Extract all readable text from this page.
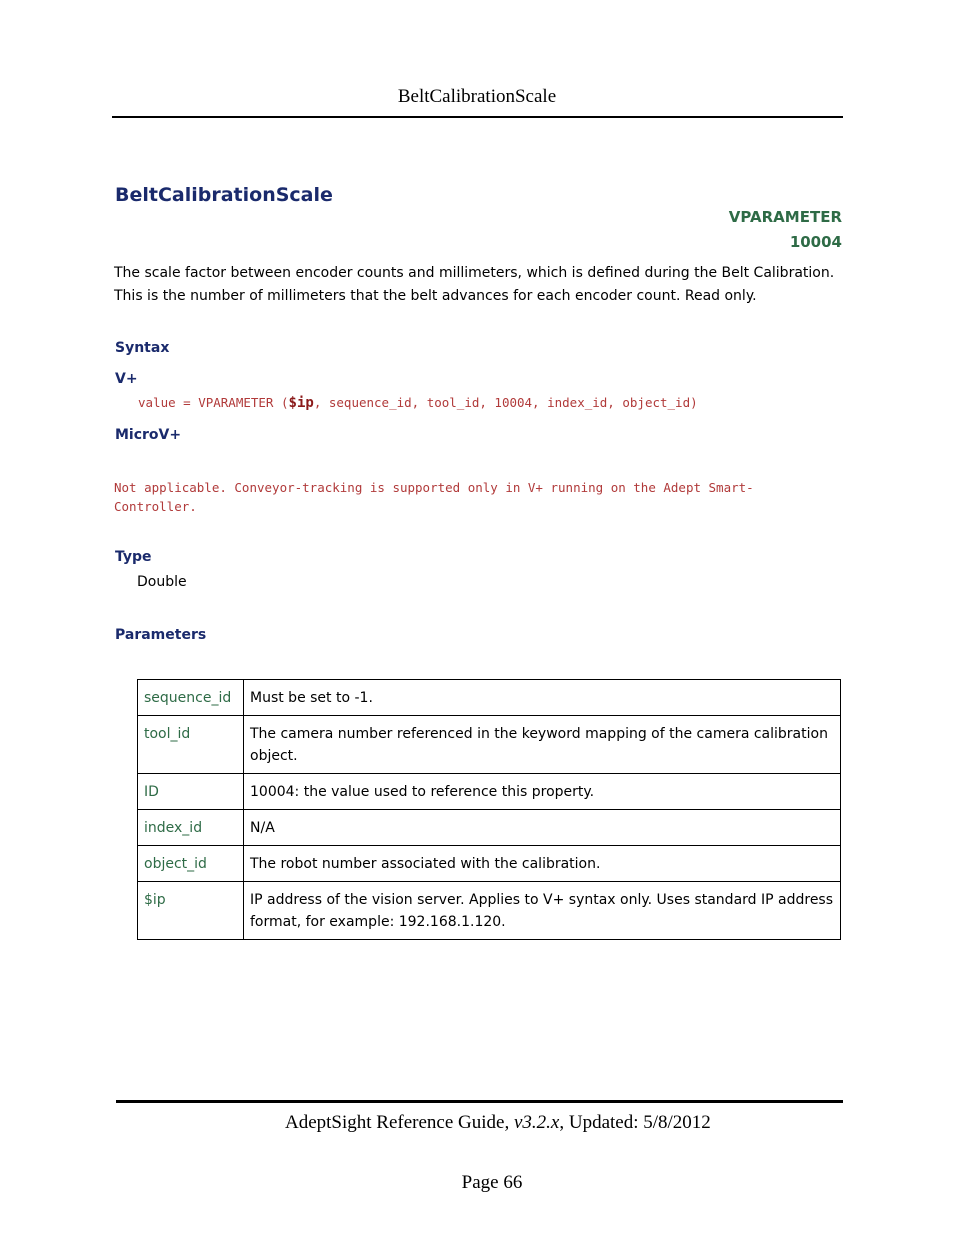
BeltCalibrationScale
BeltCalibrationScale
VPARAMETER
10004
The scale factor between encoder counts and millimeters, which is defined during the Belt Calibration. This is the number of millimeters that the belt advances for each encoder count. Read only.
Syntax
V+
value = VPARAMETER ($ip, sequence_id, tool_id, 10004, index_id, object_id)
MicroV+
Not applicable. Conveyor-tracking is supported only in V+ running on the Adept Smart-Controller.
Type
Double
Parameters
sequence_id	Must be set to -1.
tool_id	The camera number referenced in the keyword mapping of the camera calibration object.
ID	10004: the value used to reference this property.
index_id	N/A
object_id	The robot number associated with the calibration.
$ip	IP address of the vision server. Applies to V+ syntax only. Uses standard IP address format, for example: 192.168.1.120.
AdeptSight Reference Guide, v3.2.x, Updated: 5/8/2012
Page 66
